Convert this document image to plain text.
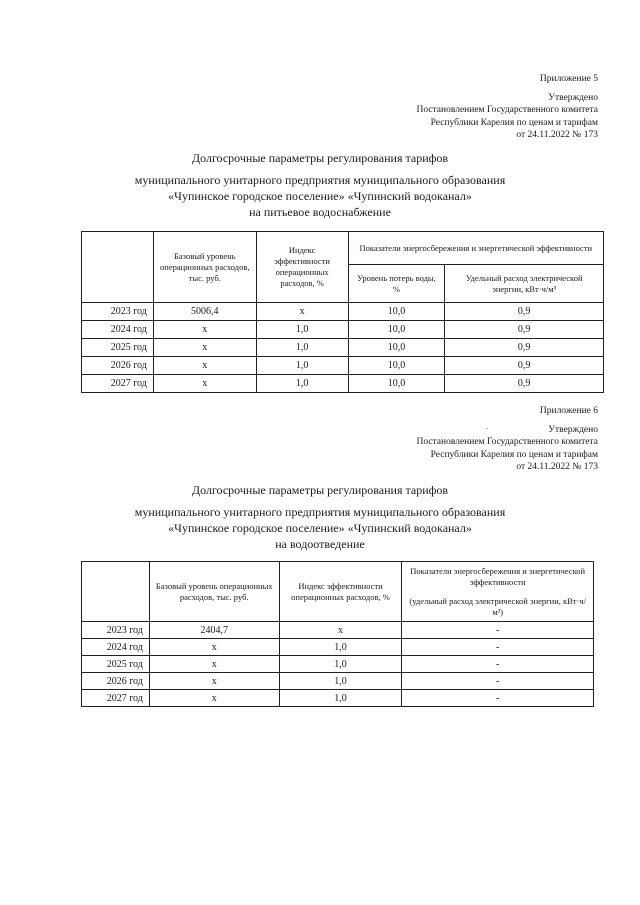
Приложение 5
Утверждено
Постановлением Государственного комитета
Республики Карелия по ценам и тарифам
от 24.11.2022 № 173
Долгосрочные параметры регулирования тарифов
муниципального унитарного предприятия муниципального образования
«Чупинское городское поселение» «Чупинский водоканал»
на питьевое водоснабжение
	Базовый уровень операционных расходов, тыс. руб.	Индекс эффективности операционных расходов, %	Показатели энергосбережения и энергетической эффективности	
			Уровень потерь воды, %	Удельный расход электрической энергии, кВт·ч/м³
2023 год	5006,4	x	10,0	0,9
2024 год	x	1,0	10,0	0,9
2025 год	x	1,0	10,0	0,9
2026 год	x	1,0	10,0	0,9
2027 год	x	1,0	10,0	0,9
Приложение 6
Утверждено
Постановлением Государственного комитета
Республики Карелия по ценам и тарифам
от 24.11.2022 № 173
.
Долгосрочные параметры регулирования тарифов
муниципального унитарного предприятия муниципального образования
«Чупинское городское поселение» «Чупинский водоканал»
на водоотведение
	Базовый уровень операционных расходов, тыс. руб.	Индекс эффективности операционных расходов, %	Показатели энергосбережения и энергетической эффективности
(удельный расход электрической энергии, кВт·ч/м³)

2023 год	2404,7	x	-
2024 год	x	1,0	-
2025 год	x	1,0	-
2026 год	x	1,0	-
2027 год	x	1,0	-
